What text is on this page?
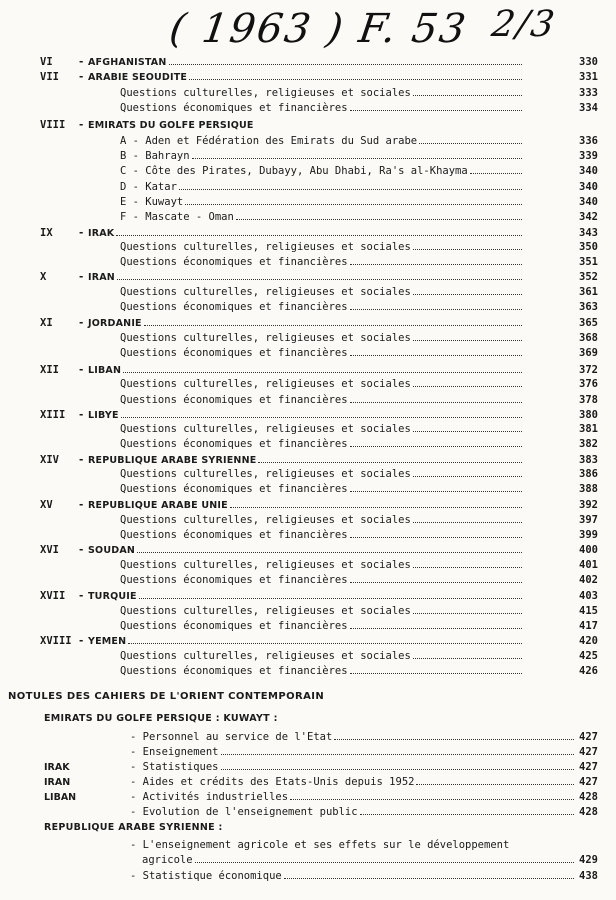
( 1963 ) F. 53 2/3
VI - AFGHANISTAN	330
VII - ARABIE SEOUDITE	331
Questions culturelles, religieuses et sociales	333
Questions économiques et financières	334
VIII - EMIRATS DU GOLFE PERSIQUE
A - Aden et Fédération des Emirats du Sud arabe	336
B - Bahrayn	339
C - Côte des Pirates, Dubayy, Abu Dhabi, Ra's al-Khayma	340
D - Katar	340
E - Kuwayt	340
F - Mascate - Oman	342
IX - IRAK	343
Questions culturelles, religieuses et sociales	350
Questions économiques et financières	351
X	- IRAN	352
Questions culturelles, religieuses et sociales	361
Questions économiques et financières	363
XI - JORDANIE	365
Questions culturelles, religieuses et sociales	368
Questions économiques et financières	369
XII - LIBAN	372
Questions culturelles, religieuses et sociales	376
Questions économiques et financières	378
XIII - LIBYE	380
Questions culturelles, religieuses et sociales	381
Questions économiques et financières	382
XIV - REPUBLIQUE ARABE SYRIENNE	383
Questions culturelles, religieuses et sociales	386
Questions économiques et financières	388
XV - REPUBLIQUE ARABE UNIE	392
Questions culturelles, religieuses et sociales	397
Questions économiques et financières	399
XVI - SOUDAN	400
Questions culturelles, religieuses et sociales	401
Questions économiques et financières	402
XVII - TURQUIE	403
Questions culturelles, religieuses et sociales	415
Questions économiques et financières	417
XVIII - YEMEN	420
Questions culturelles, religieuses et sociales	425
Questions économiques et financières	426
NOTULES DES CAHIERS DE L'ORIENT CONTEMPORAIN
EMIRATS DU GOLFE PERSIQUE : KUWAYT :
- Personnel au service de l'Etat	427
- Enseignement	427
IRAK	- Statistiques	427
IRAN	- Aides et crédits des Etats-Unis depuis 1952	427
LIBAN	- Activités industrielles	428
- Evolution de l'enseignement public	428
REPUBLIQUE ARABE SYRIENNE :
- L'enseignement agricole et ses effets sur le développement
agricole	429
- Statistique économique	438
